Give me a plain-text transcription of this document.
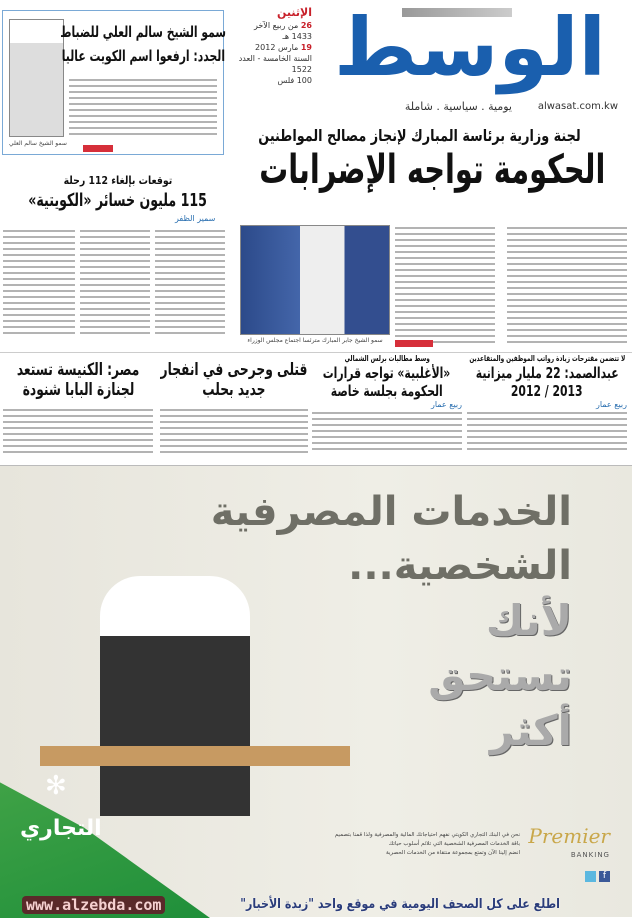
الوسط
يومية . سياسية . شاملة	alwasat.com.kw
الإثنين
26 من ربيع الآخر 1433 هـ
19 مارس 2012
السنة الخامسة - العدد 1522
100 فلس
سمو الشيخ سالم العلي
سمو الشيخ سالم العلي للضباط
الجدد: ارفعوا اسم الكويت عاليا
لجنة وزارية برئاسة المبارك لإنجاز مصالح المواطنين
الحكومة تواجه الإضرابات
توقعات بإلغاء 112 رحلة
115 مليون خسائر «الكويتية»
سمير الظفر
سمو الشيخ جابر المبارك مترئسا اجتماع مجلس الوزراء
لا تتضمن مقترحات زيادة رواتب الموظفين والمتقاعدين
عبدالصمد: 22 مليار ميزانية
2013 / 2012
ربيع عمار
وسط مطالبات برلس الشمالي
«الأغلبية» تواجه قرارات
الحكومة بجلسة خاصة
ربيع عمار
قتلى وجرحى في انفجار
جديد بحلب
مصر: الكنيسة تستعد
لجنازة البابا شنودة
الخدمات المصرفية
الشخصية...
لأنك
تستحق
أكثر
نحن في البنك التجاري الكويتي نفهم احتياجاتك المالية والمصرفية ولذا قمنا بتصميم
باقة الخدمات المصرفية الشخصية التي تلائم أسلوب حياتك
انضم إلينا الآن وتمتع بمجموعة منتقاة من الخدمات الحصرية
Premier
BANKING
f
✻
التجاري
www.alzebda.com	اطلع على كل الصحف اليومية في موقع واحد "زبدة الأخبار"
